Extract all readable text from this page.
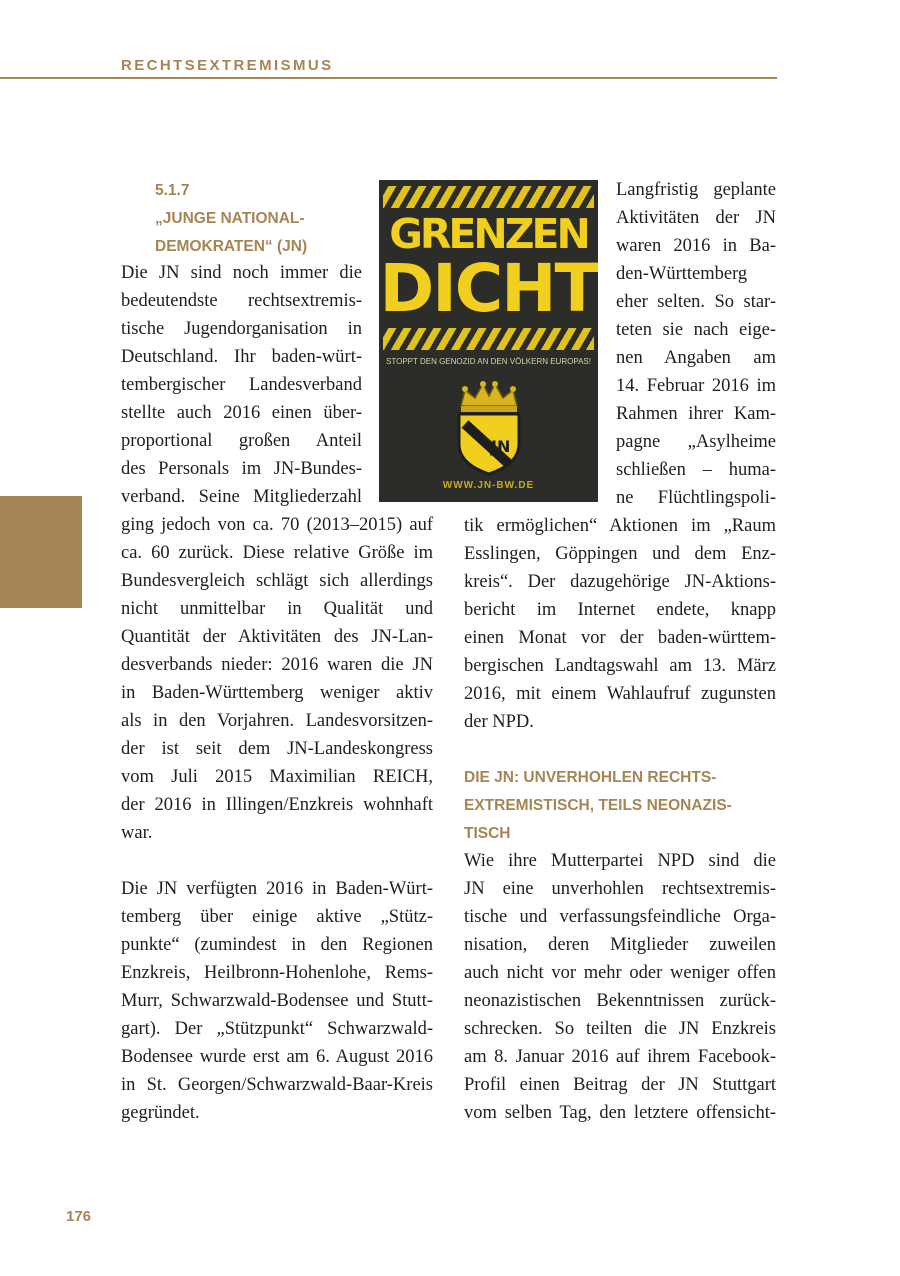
RECHTSEXTREMISMUS
5.1.7
„JUNGE NATIONAL-
DEMOKRATEN“ (JN)
Die JN sind noch immer die
bedeutendste rechtsextremis-
tische Jugendorganisation in
Deutschland. Ihr baden-würt-
tembergischer Landesverband
stellte auch 2016 einen über-
proportional großen Anteil
des Personals im JN-Bundes-
verband. Seine Mitgliederzahl
ging jedoch von ca. 70 (2013–2015) auf
ca. 60 zurück. Diese relative Größe im
Bundesvergleich schlägt sich allerdings
nicht unmittelbar in Qualität und
Quantität der Aktivitäten des JN-Lan-
desverbands nieder: 2016 waren die JN
in Baden-Württemberg weniger aktiv
als in den Vorjahren. Landesvorsitzen-
der ist seit dem JN-Landeskongress
vom Juli 2015 Maximilian REICH,
der 2016 in Illingen/Enzkreis wohnhaft
war.
Die JN verfügten 2016 in Baden-Würt-
temberg über einige aktive „Stütz-
punkte“ (zumindest in den Regionen
Enzkreis, Heilbronn-Hohenlohe, Rems-
Murr, Schwarzwald-Bodensee und Stutt-
gart). Der „Stützpunkt“ Schwarzwald-
Bodensee wurde erst am 6. August 2016
in St. Georgen/Schwarzwald-Baar-Kreis
gegründet.
GRENZEN
DICHT
STOPPT DEN GENOZID AN DEN VÖLKERN EUROPAS!
JN
WWW.JN-BW.DE
Langfristig geplante
Aktivitäten der JN
waren 2016 in Ba-
den-Württemberg
eher selten. So star-
teten sie nach eige-
nen Angaben am
14. Februar 2016 im
Rahmen ihrer Kam-
pagne „Asylheime
schließen – huma-
ne Flüchtlingspoli-
tik ermöglichen“ Aktionen im „Raum
Esslingen, Göppingen und dem Enz-
kreis“. Der dazugehörige JN-Aktions-
bericht im Internet endete, knapp
einen Monat vor der baden-württem-
bergischen Landtagswahl am 13. März
2016, mit einem Wahlaufruf zugunsten
der NPD.
DIE JN: UNVERHOHLEN RECHTS-
EXTREMISTISCH, TEILS NEONAZIS-
TISCH
Wie ihre Mutterpartei NPD sind die
JN eine unverhohlen rechtsextremis-
tische und verfassungsfeindliche Orga-
nisation, deren Mitglieder zuweilen
auch nicht vor mehr oder weniger offen
neonazistischen Bekenntnissen zurück-
schrecken. So teilten die JN Enzkreis
am 8. Januar 2016 auf ihrem Facebook-
Profil einen Beitrag der JN Stuttgart
vom selben Tag, den letztere offensicht-
176
